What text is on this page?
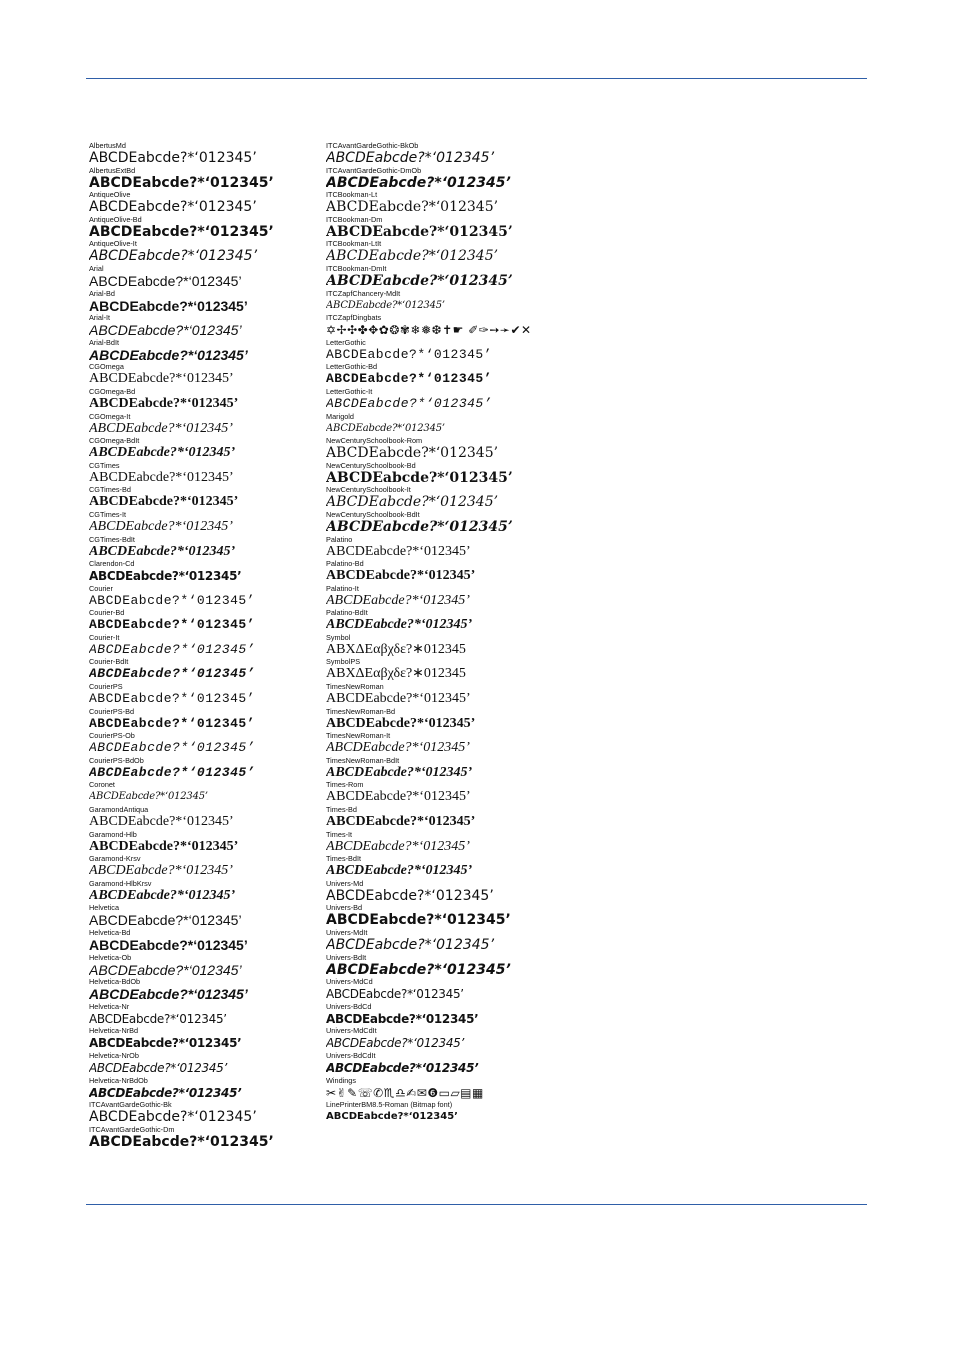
AlbertusMd
ABCDEabcde?*‘012345’
AlbertusExtBd
ABCDEabcde?*‘012345’
AntiqueOlive
ABCDEabcde?*‘012345’
AntiqueOlive-Bd
ABCDEabcde?*‘012345’
AntiqueOlive-It
ABCDEabcde?*‘012345’
Arial
ABCDEabcde?*‘012345’
Arial-Bd
ABCDEabcde?*‘012345’
Arial-It
ABCDEabcde?*‘012345’
Arial-BdIt
ABCDEabcde?*‘012345’
CGOmega
ABCDEabcde?*‘012345’
CGOmega-Bd
ABCDEabcde?*‘012345’
CGOmega-It
ABCDEabcde?*‘012345’
CGOmega-BdIt
ABCDEabcde?*‘012345’
CGTimes
ABCDEabcde?*‘012345’
CGTimes-Bd
ABCDEabcde?*‘012345’
CGTimes-It
ABCDEabcde?*‘012345’
CGTimes-BdIt
ABCDEabcde?*‘012345’
Clarendon-Cd
ABCDEabcde?*‘012345’
Courier
ABCDEabcde?*‘012345’
Courier-Bd
ABCDEabcde?*‘012345’
Courier-It
ABCDEabcde?*‘012345’
Courier-BdIt
ABCDEabcde?*‘012345’
CourierPS
ABCDEabcde?*‘012345’
CourierPS-Bd
ABCDEabcde?*‘012345’
CourierPS-Ob
ABCDEabcde?*‘012345’
CourierPS-BdOb
ABCDEabcde?*‘012345’
Coronet
ABCDEabcde?*‘012345’
GaramondAntiqua
ABCDEabcde?*‘012345’
Garamond-Hlb
ABCDEabcde?*‘012345’
Garamond-Krsv
ABCDEabcde?*‘012345’
Garamond-HlbKrsv
ABCDEabcde?*‘012345’
Helvetica
ABCDEabcde?*‘012345’
Helvetica-Bd
ABCDEabcde?*‘012345’
Helvetica-Ob
ABCDEabcde?*‘012345’
Helvetica-BdOb
ABCDEabcde?*‘012345’
Helvetica-Nr
ABCDEabcde?*‘012345’
Helvetica-NrBd
ABCDEabcde?*‘012345’
Helvetica-NrOb
ABCDEabcde?*‘012345’
Helvetica-NrBdOb
ABCDEabcde?*‘012345’
ITCAvantGardeGothic-Bk
ABCDEabcde?*‘012345’
ITCAvantGardeGothic-Dm
ABCDEabcde?*‘012345’
ITCAvantGardeGothic-BkOb
ABCDEabcde?*‘012345’
ITCAvantGardeGothic-DmOb
ABCDEabcde?*‘012345’
ITCBookman-Lt
ABCDEabcde?*‘012345’
ITCBookman-Dm
ABCDEabcde?*‘012345’
ITCBookman-LtIt
ABCDEabcde?*‘012345’
ITCBookman-DmIt
ABCDEabcde?*‘012345’
ITCZapfChancery-MdIt
ABCDEabcde?*‘012345’
ITCZapfDingbats
✡✢✣✤✥✿❂✾❄❅❆✝☛ ✐✑➙➛✔✕
LetterGothic
ABCDEabcde?*‘012345’
LetterGothic-Bd
ABCDEabcde?*‘012345’
LetterGothic-It
ABCDEabcde?*‘012345’
Marigold
ABCDEabcde?*‘012345’
NewCenturySchoolbook-Rom
ABCDEabcde?*‘012345’
NewCenturySchoolbook-Bd
ABCDEabcde?*‘012345’
NewCenturySchoolbook-It
ABCDEabcde?*‘012345’
NewCenturySchoolbook-BdIt
ABCDEabcde?*‘012345’
Palatino
ABCDEabcde?*‘012345’
Palatino-Bd
ABCDEabcde?*‘012345’
Palatino-It
ABCDEabcde?*‘012345’
Palatino-BdIt
ABCDEabcde?*‘012345’
Symbol
ΑΒΧΔΕαβχδε?∗012345
SymbolPS
ΑΒΧΔΕαβχδε?∗012345
TimesNewRoman
ABCDEabcde?*‘012345’
TimesNewRoman-Bd
ABCDEabcde?*‘012345’
TimesNewRoman-It
ABCDEabcde?*‘012345’
TimesNewRoman-BdIt
ABCDEabcde?*‘012345’
Times-Rom
ABCDEabcde?*‘012345’
Times-Bd
ABCDEabcde?*‘012345’
Times-It
ABCDEabcde?*‘012345’
Times-BdIt
ABCDEabcde?*‘012345’
Univers-Md
ABCDEabcde?*‘012345’
Univers-Bd
ABCDEabcde?*‘012345’
Univers-MdIt
ABCDEabcde?*‘012345’
Univers-BdIt
ABCDEabcde?*‘012345’
Univers-MdCd
ABCDEabcde?*‘012345’
Univers-BdCd
ABCDEabcde?*‘012345’
Univers-MdCdIt
ABCDEabcde?*‘012345’
Univers-BdCdIt
ABCDEabcde?*‘012345’
Windings
✂✌✎☏✆♏♎✍✉❻▭▱▤▦
LinePrinterBM8.5-Roman (Bitmap font)
ABCDEabcde?*‘012345’
